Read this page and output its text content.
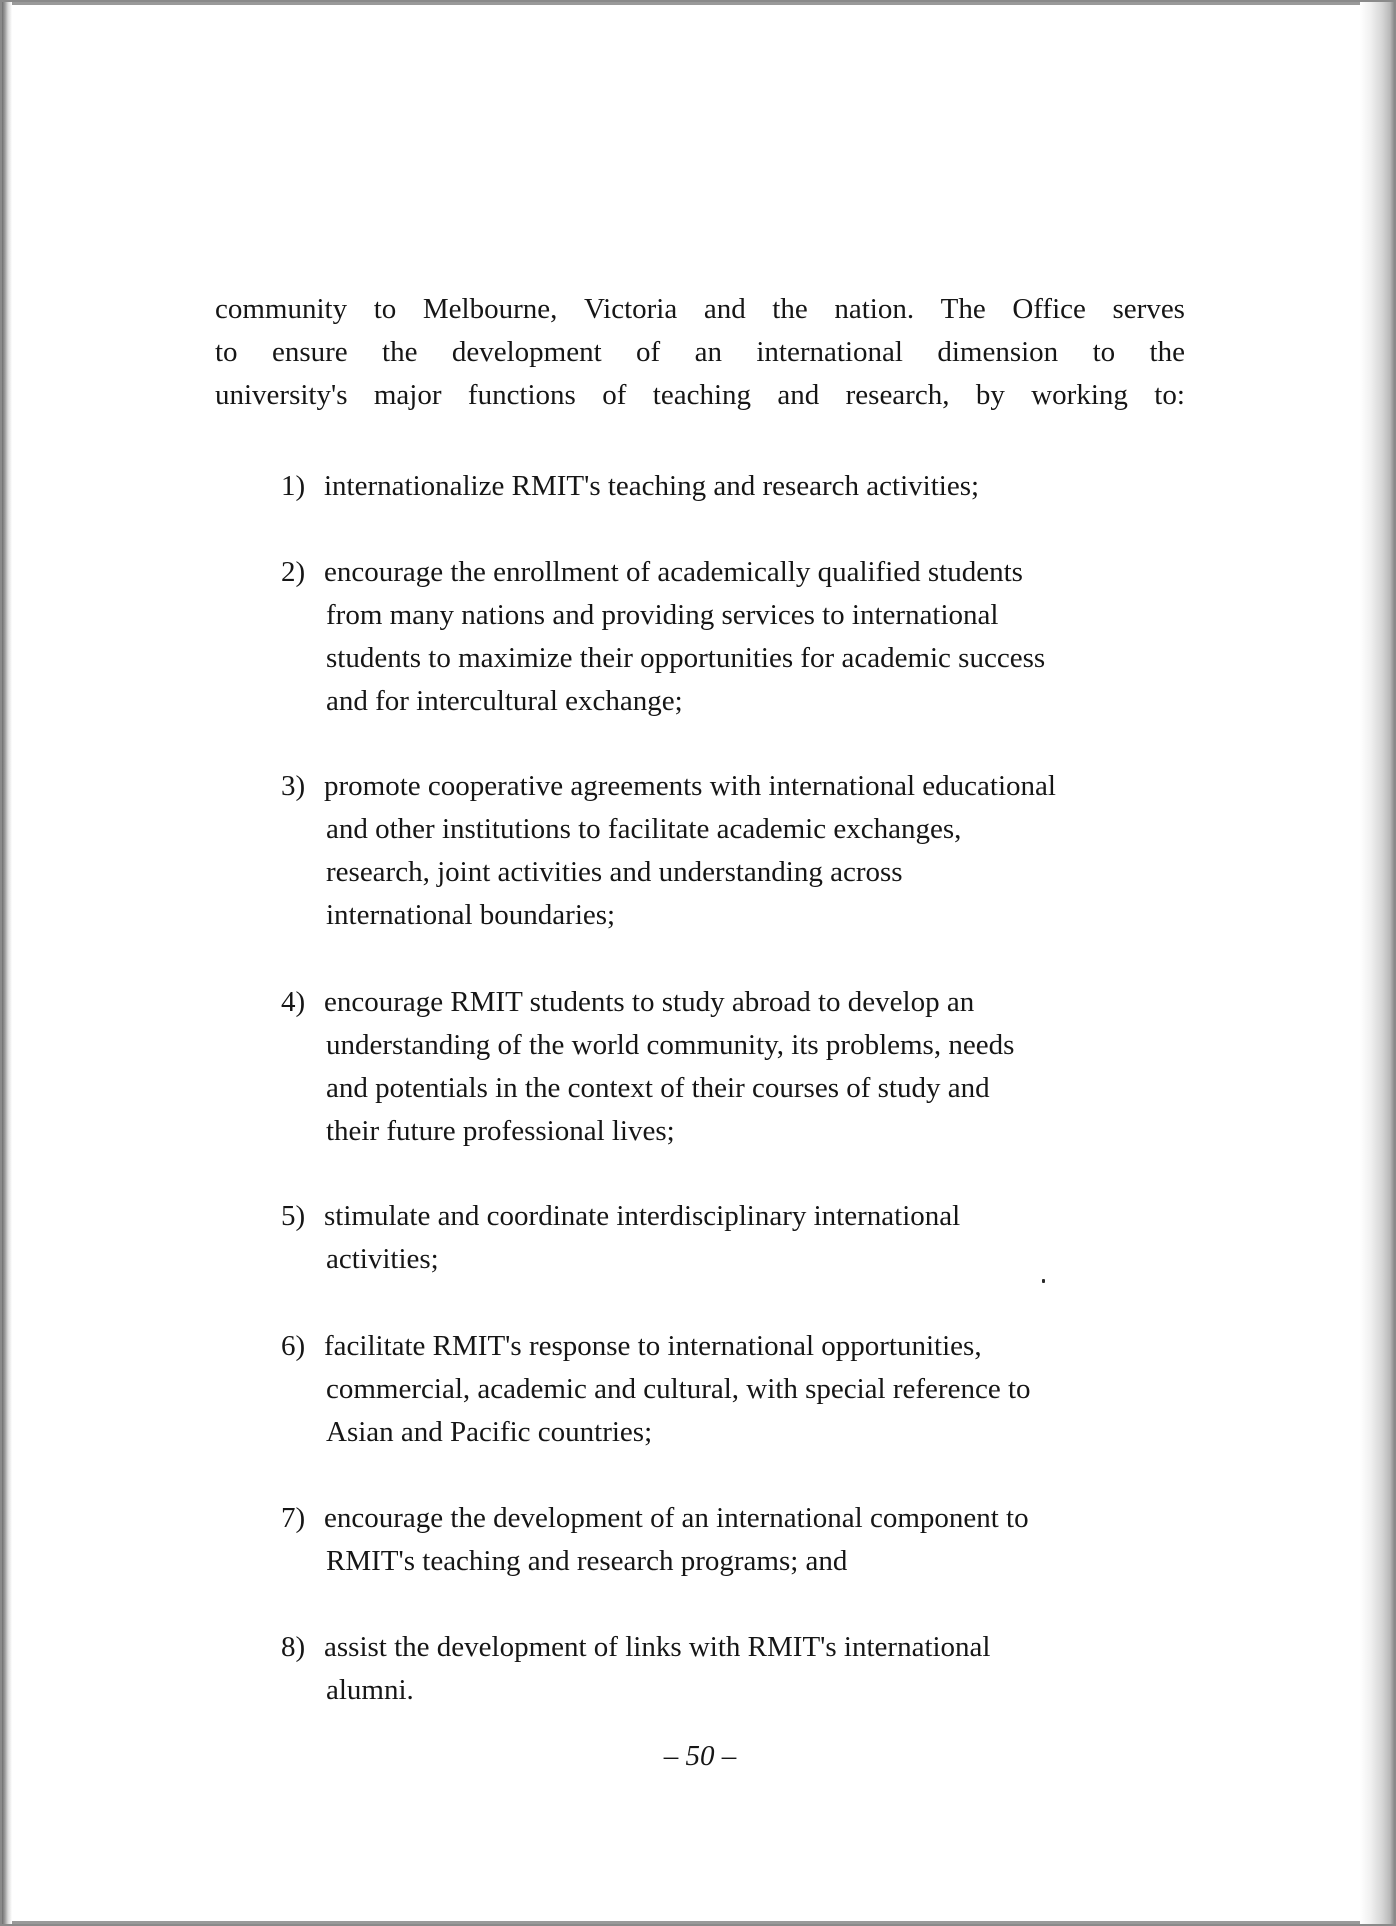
community to Melbourne, Victoria and the nation. The Office serves
to ensure the development of an international dimension to the
university's major functions of teaching and research, by working to:
1) internationalize RMIT's teaching and research activities;
2) encourage the enrollment of academically qualified students
from many nations and providing services to international
students to maximize their opportunities for academic success
and for intercultural exchange;
3) promote cooperative agreements with international educational
and other institutions to facilitate academic exchanges,
research, joint activities and understanding across
international boundaries;
4) encourage RMIT students to study abroad to develop an
understanding of the world community, its problems, needs
and potentials in the context of their courses of study and
their future professional lives;
5) stimulate and coordinate interdisciplinary international
activities;
6) facilitate RMIT's response to international opportunities,
commercial, academic and cultural, with special reference to
Asian and Pacific countries;
7) encourage the development of an international component to
RMIT's teaching and research programs; and
8) assist the development of links with RMIT's international
alumni.
– 50 –
